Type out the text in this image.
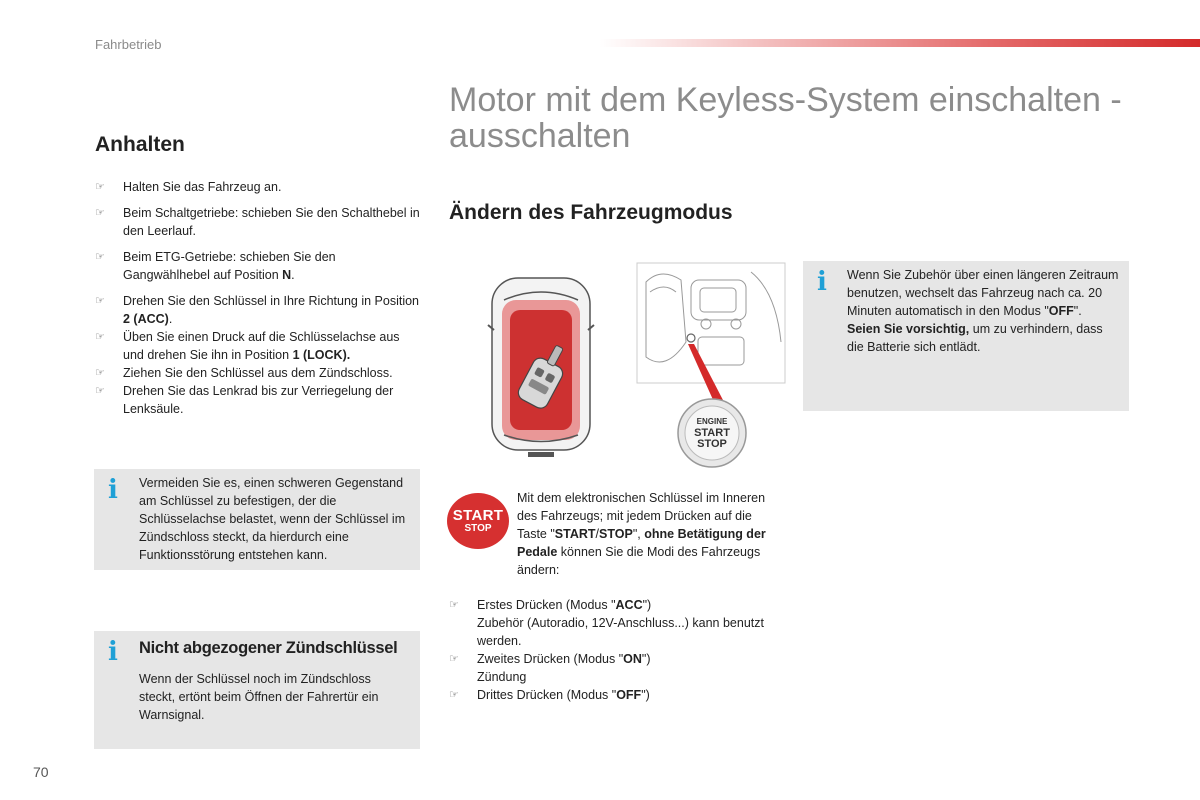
Fahrbetrieb
Motor mit dem Keyless-System einschalten - ausschalten
Anhalten
☞ Halten Sie das Fahrzeug an.
☞ Beim Schaltgetriebe: schieben Sie den Schalthebel in den Leerlauf.
☞ Beim ETG-Getriebe: schieben Sie den Gangwählhebel auf Position N.
☞ Drehen Sie den Schlüssel in Ihre Richtung in Position 2 (ACC).
☞ Üben Sie einen Druck auf die Schlüsselachse aus und drehen Sie ihn in Position 1 (LOCK).
☞ Ziehen Sie den Schlüssel aus dem Zündschloss.
☞ Drehen Sie das Lenkrad bis zur Verriegelung der Lenksäule.
i Vermeiden Sie es, einen schweren Gegenstand am Schlüssel zu befestigen, der die Schlüsselachse belastet, wenn der Schlüssel im Zündschloss steckt, da hierdurch eine Funktionsstörung entstehen kann.
i Nicht abgezogener Zündschlüssel
Wenn der Schlüssel noch im Zündschloss steckt, ertönt beim Öffnen der Fahrertür ein Warnsignal.
Ändern des Fahrzeugmodus
ENGINE
START
STOP
START
STOP
Mit dem elektronischen Schlüssel im Inneren des Fahrzeugs; mit jedem Drücken auf die Taste "START/STOP", ohne Betätigung der Pedale können Sie die Modi des Fahrzeugs ändern:
☞ Erstes Drücken (Modus "ACC")
Zubehör (Autoradio, 12V-Anschluss...) kann benutzt werden.
☞ Zweites Drücken (Modus "ON")
Zündung
☞ Drittes Drücken (Modus "OFF")
i Wenn Sie Zubehör über einen längeren Zeitraum benutzen, wechselt das Fahrzeug nach ca. 20 Minuten automatisch in den Modus "OFF".
Seien Sie vorsichtig, um zu verhindern, dass die Batterie sich entlädt.
70
